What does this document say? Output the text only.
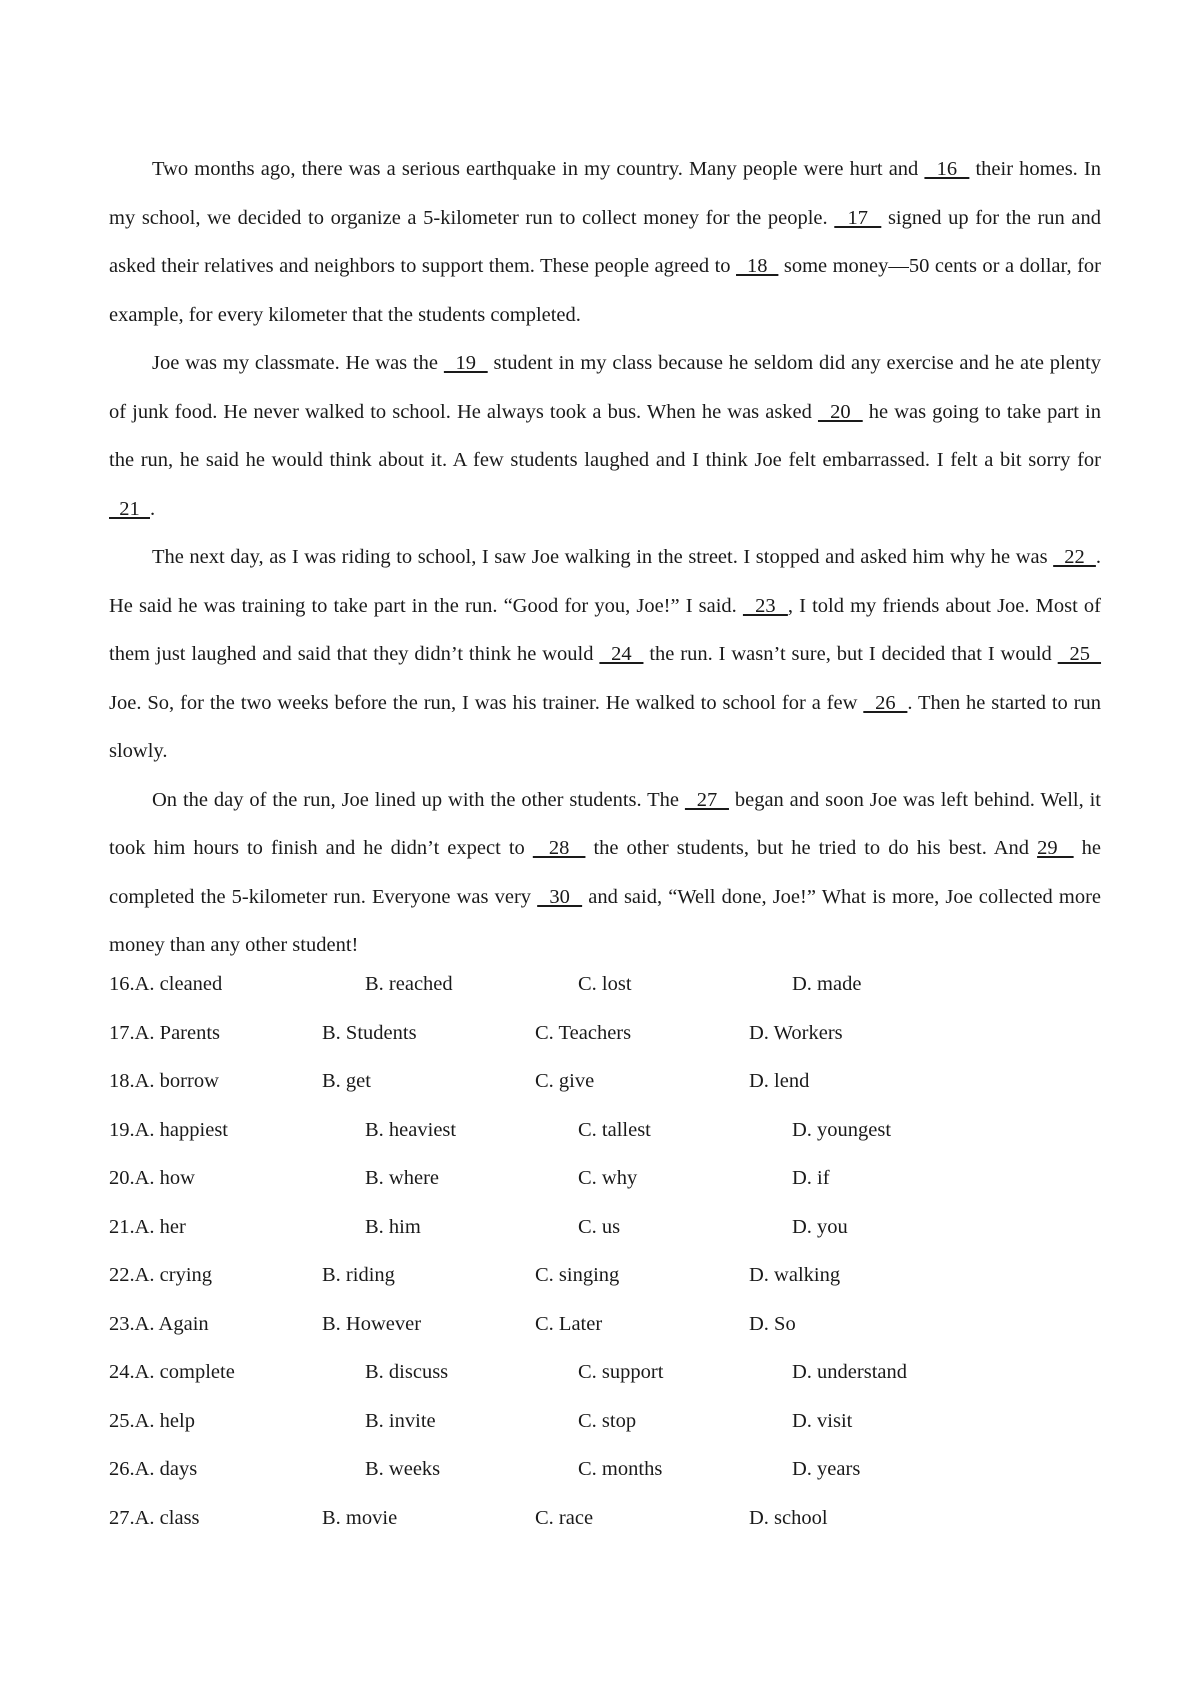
Two months ago, there was a serious earthquake in my country. Many people were hurt and   16   their homes. In my school, we decided to organize a 5-kilometer run to collect money for the people.   17   signed up for the run and asked their relatives and neighbors to support them. These people agreed to   18   some money—50 cents or a dollar, for example, for every kilometer that the students completed.

Joe was my classmate. He was the   19   student in my class because he seldom did any exercise and he ate plenty of junk food. He never walked to school. He always took a bus. When he was asked   20   he was going to take part in the run, he said he would think about it. A few students laughed and I think Joe felt embarrassed. I felt a bit sorry for   21  .

The next day, as I was riding to school, I saw Joe walking in the street. I stopped and asked him why he was   22  . He said he was training to take part in the run. “Good for you, Joe!” I said.   23  , I told my friends about Joe. Most of them just laughed and said that they didn’t think he would   24   the run. I wasn’t sure, but I decided that I would   25   Joe. So, for the two weeks before the run, I was his trainer. He walked to school for a few   26  . Then he started to run slowly.

On the day of the run, Joe lined up with the other students. The   27   began and soon Joe was left behind. Well, it took him hours to finish and he didn’t expect to   28   the other students, but he tried to do his best. And 29   he completed the 5-kilometer run. Everyone was very   30   and said, “Well done, Joe!” What is more, Joe collected more money than any other student!

16.A. cleaned	B. reached	C. lost	D. made
17.A. Parents	B. Students	C. Teachers	D. Workers
18.A. borrow	B. get	C. give	D. lend
19.A. happiest	B. heaviest	C. tallest	D. youngest
20.A. how	B. where	C. why	D. if
21.A. her	B. him	C. us	D. you
22.A. crying	B. riding	C. singing	D. walking
23.A. Again	B. However	C. Later	D. So
24.A. complete	B. discuss	C. support	D. understand
25.A. help	B. invite	C. stop	D. visit
26.A. days	B. weeks	C. months	D. years
27.A. class	B. movie	C. race	D. school
